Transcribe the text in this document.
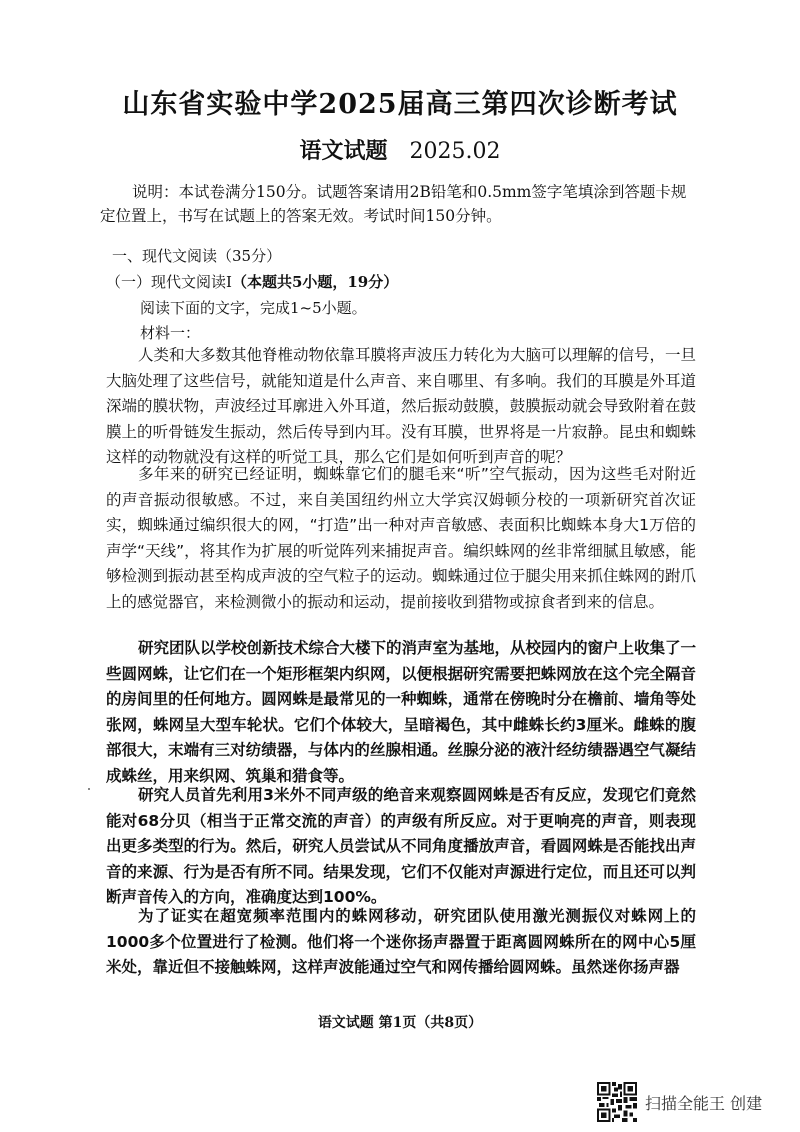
山东省实验中学2025届高三第四次诊断考试
语文试题 2025.02
说明：本试卷满分150分。试题答案请用2B铅笔和0.5mm签字笔填涂到答题卡规定位置上，书写在试题上的答案无效。考试时间150分钟。
一、现代文阅读（35分）
（一）现代文阅读Ⅰ（本题共5小题，19分）
阅读下面的文字，完成1~5小题。
材料一：

人类和大多数其他脊椎动物依靠耳膜将声波压力转化为大脑可以理解的信号，一旦大脑处理了这些信号，就能知道是什么声音、来自哪里、有多响。我们的耳膜是外耳道深端的膜状物，声波经过耳廓进入外耳道，然后振动鼓膜，鼓膜振动就会导致附着在鼓膜上的听骨链发生振动，然后传导到内耳。没有耳膜，世界将是一片寂静。昆虫和蜘蛛这样的动物就没有这样的听觉工具，那么它们是如何听到声音的呢？

多年来的研究已经证明，蜘蛛靠它们的腿毛来“听”空气振动，因为这些毛对附近的声音振动很敏感。不过，来自美国纽约州立大学宾汉姆顿分校的一项新研究首次证实，蜘蛛通过编织很大的网，“打造”出一种对声音敏感、表面积比蜘蛛本身大1万倍的声学“天线”，将其作为扩展的听觉阵列来捕捉声音。编织蛛网的丝非常细腻且敏感，能够检测到振动甚至构成声波的空气粒子的运动。蜘蛛通过位于腿尖用来抓住蛛网的跗爪上的感觉器官，来检测微小的振动和运动，提前接收到猎物或掠食者到来的信息。

研究团队以学校创新技术综合大楼下的消声室为基地，从校园内的窗户上收集了一些圆网蛛，让它们在一个矩形框架内织网，以便根据研究需要把蛛网放在这个完全隔音的房间里的任何地方。圆网蛛是最常见的一种蜘蛛，通常在傍晚时分在檐前、墙角等处张网，蛛网呈大型车轮状。它们个体较大，呈暗褐色，其中雌蛛长约3厘米。雌蛛的腹部很大，末端有三对纺绩器，与体内的丝腺相通。丝腺分泌的液汁经纺绩器遇空气凝结成蛛丝，用来织网、筑巢和猎食等。

研究人员首先利用3米外不同声级的绝音来观察圆网蛛是否有反应，发现它们竟然能对68分贝（相当于正常交流的声音）的声级有所反应。对于更响亮的声音，则表现出更多类型的行为。然后，研究人员尝试从不同角度播放声音，看圆网蛛是否能找出声音的来源、行为是否有所不同。结果发现，它们不仅能对声源进行定位，而且还可以判断声音传入的方向，准确度达到100%。

为了证实在超宽频率范围内的蛛网移动，研究团队使用激光测振仪对蛛网上的1000多个位置进行了检测。他们将一个迷你扬声器置于距离圆网蛛所在的网中心5厘米处，靠近但不接触蛛网，这样声波能通过空气和网传播给圆网蛛。虽然迷你扬声器

语文试题 第1页（共8页）
扫描全能王 创建
